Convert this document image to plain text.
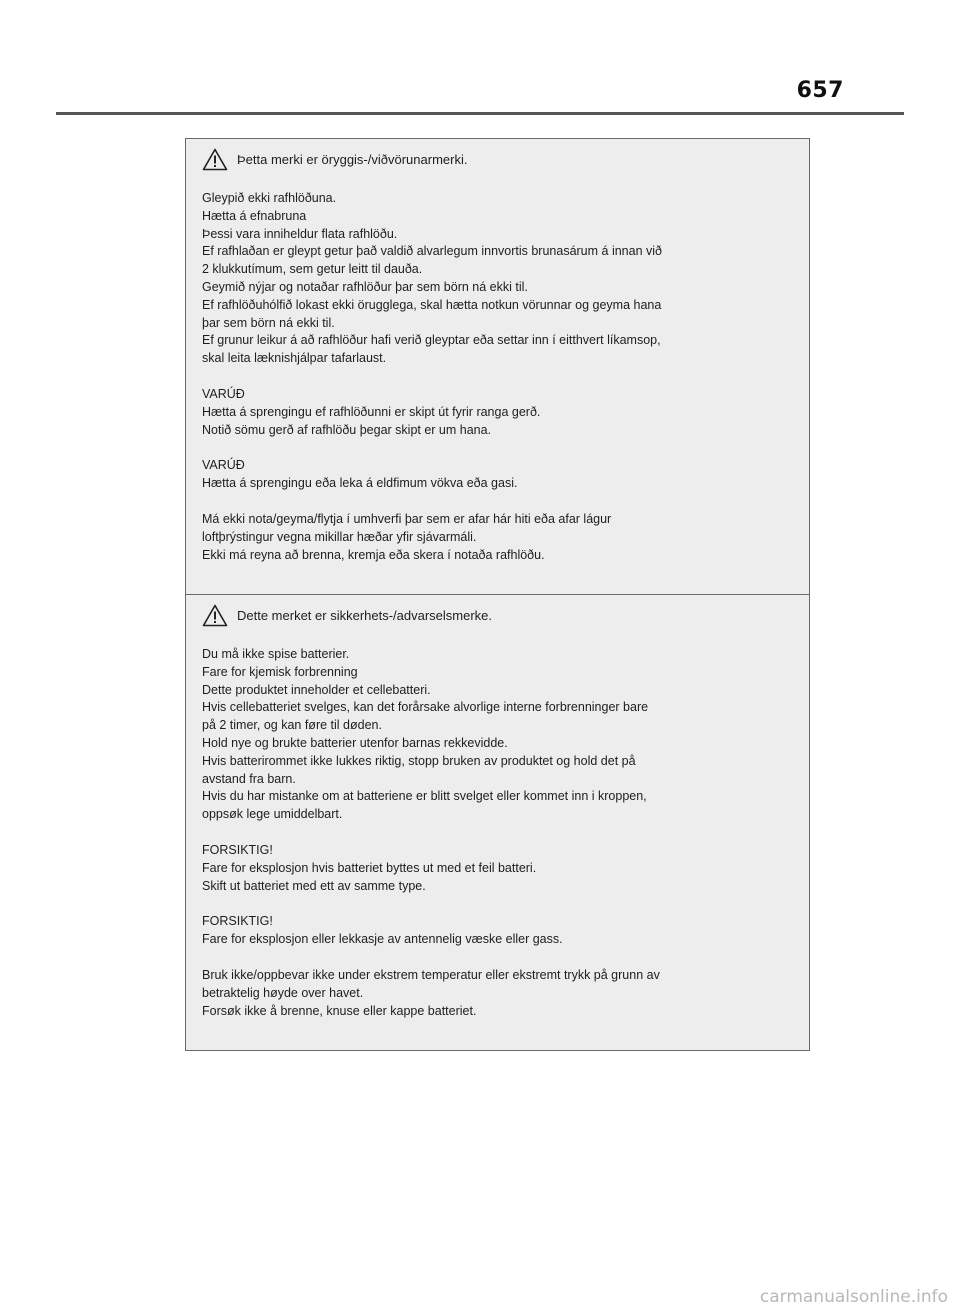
657
Þetta merki er öryggis-/viðvörunarmerki.
Gleypið ekki rafhlöðuna.
Hætta á efnabruna
Þessi vara inniheldur flata rafhlöðu.
Ef rafhlaðan er gleypt getur það valdið alvarlegum innvortis brunasárum á innan við
2 klukkutímum, sem getur leitt til dauða.
Geymið nýjar og notaðar rafhlöður þar sem börn ná ekki til.
Ef rafhlöðuhólfið lokast ekki örugglega, skal hætta notkun vörunnar og geyma hana
þar sem börn ná ekki til.
Ef grunur leikur á að rafhlöður hafi verið gleyptar eða settar inn í eitthvert líkamsop,
skal leita læknishjálpar tafarlaust.
VARÚÐ
Hætta á sprengingu ef rafhlöðunni er skipt út fyrir ranga gerð.
Notið sömu gerð af rafhlöðu þegar skipt er um hana.
VARÚÐ
Hætta á sprengingu eða leka á eldfimum vökva eða gasi.
Má ekki nota/geyma/flytja í umhverfi þar sem er afar hár hiti eða afar lágur
loftþrýstingur vegna mikillar hæðar yfir sjávarmáli.
Ekki má reyna að brenna, kremja eða skera í notaða rafhlöðu.
Dette merket er sikkerhets-/advarselsmerke.
Du må ikke spise batterier.
Fare for kjemisk forbrenning
Dette produktet inneholder et cellebatteri.
Hvis cellebatteriet svelges, kan det forårsake alvorlige interne forbrenninger bare
på 2 timer, og kan føre til døden.
Hold nye og brukte batterier utenfor barnas rekkevidde.
Hvis batterirommet ikke lukkes riktig, stopp bruken av produktet og hold det på
avstand fra barn.
Hvis du har mistanke om at batteriene er blitt svelget eller kommet inn i kroppen,
oppsøk lege umiddelbart.
FORSIKTIG!
Fare for eksplosjon hvis batteriet byttes ut med et feil batteri.
Skift ut batteriet med ett av samme type.
FORSIKTIG!
Fare for eksplosjon eller lekkasje av antennelig væske eller gass.
Bruk ikke/oppbevar ikke under ekstrem temperatur eller ekstremt trykk på grunn av
betraktelig høyde over havet.
Forsøk ikke å brenne, knuse eller kappe batteriet.
carmanualsonline.info
